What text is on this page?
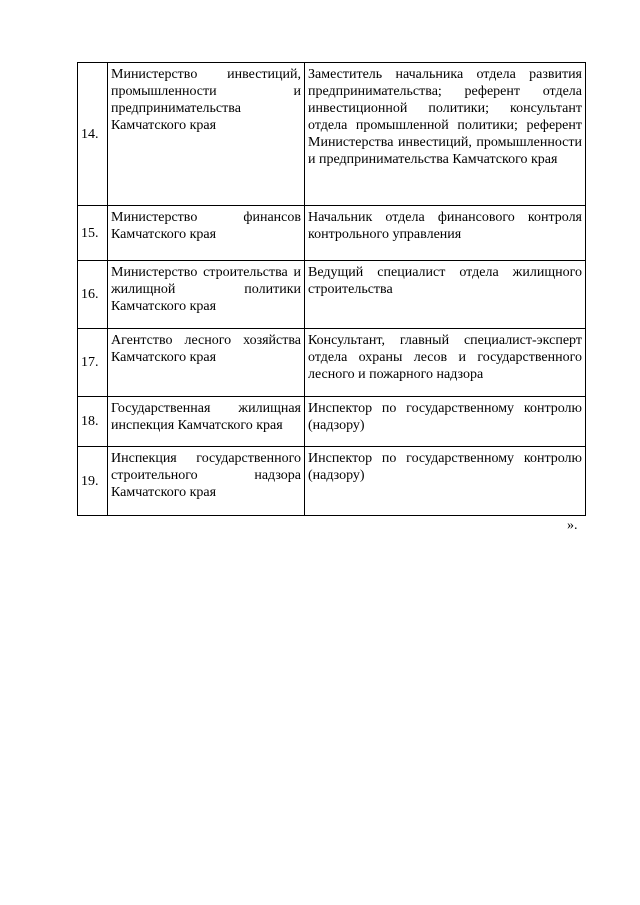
14.	Министерство инвестиций, промышленности и предпринимательства Камчатского края	Заместитель начальника отдела развития предпринимательства; референт отдела инвестиционной политики; консультант отдела промышленной политики; референт Министерства инвестиций, промышленности и предпринимательства Камчатского края
15.	Министерство финансов Камчатского края	Начальник отдела финансового контроля контрольного управления
16.	Министерство строительства и жилищной политики Камчатского края	Ведущий специалист отдела жилищного строительства
17.	Агентство лесного хозяйства Камчатского края	Консультант, главный специалист-эксперт отдела охраны лесов и государственного лесного и пожарного надзора
18.	Государственная жилищная инспекция Камчатского края	Инспектор по государственному контролю (надзору)
19.	Инспекция государственного строительного надзора Камчатского края	Инспектор по государственному контролю (надзору)
».
